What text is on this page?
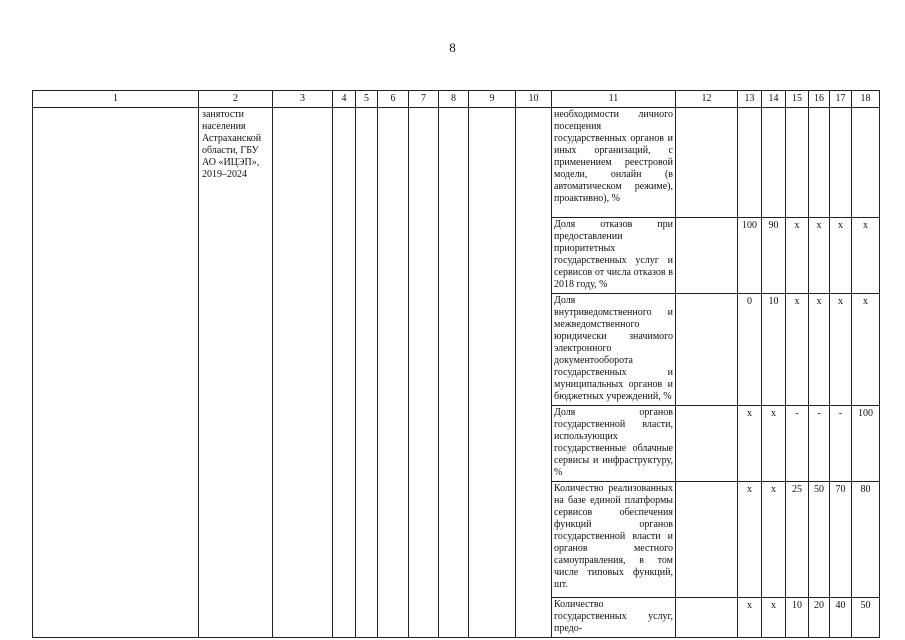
8
1	2	3	4	5	6	7	8	9	10	11	12	13	14	15	16	17	18
	занятости населения Астраханской области, ГБУ АО «ИЦЭП», 2019–2024									необходимости личного посещения государственных органов и иных организаций, с применением реестровой модели, онлайн (в автоматическом режиме), проактивно), %							
										Доля отказов при предоставлении приоритетных государственных услуг и сервисов от числа отказов в 2018 году, %		100	90	x	x	x	x
										Доля внутриведомственного и межведомственного юридически значимого электронного документооборота государственных и муниципальных органов и бюджетных учреждений, %		0	10	x	x	x	x
										Доля органов государственной власти, использующих государственные облачные сервисы и инфраструктуру, %		x	x	-	-	-	100
										Количество реализованных на базе единой платформы сервисов обеспечения функций органов государственной власти и органов местного самоуправления, в том числе типовых функций, шт.		x	x	25	50	70	80
										Количество государственных услуг, предо-		x	x	10	20	40	50
